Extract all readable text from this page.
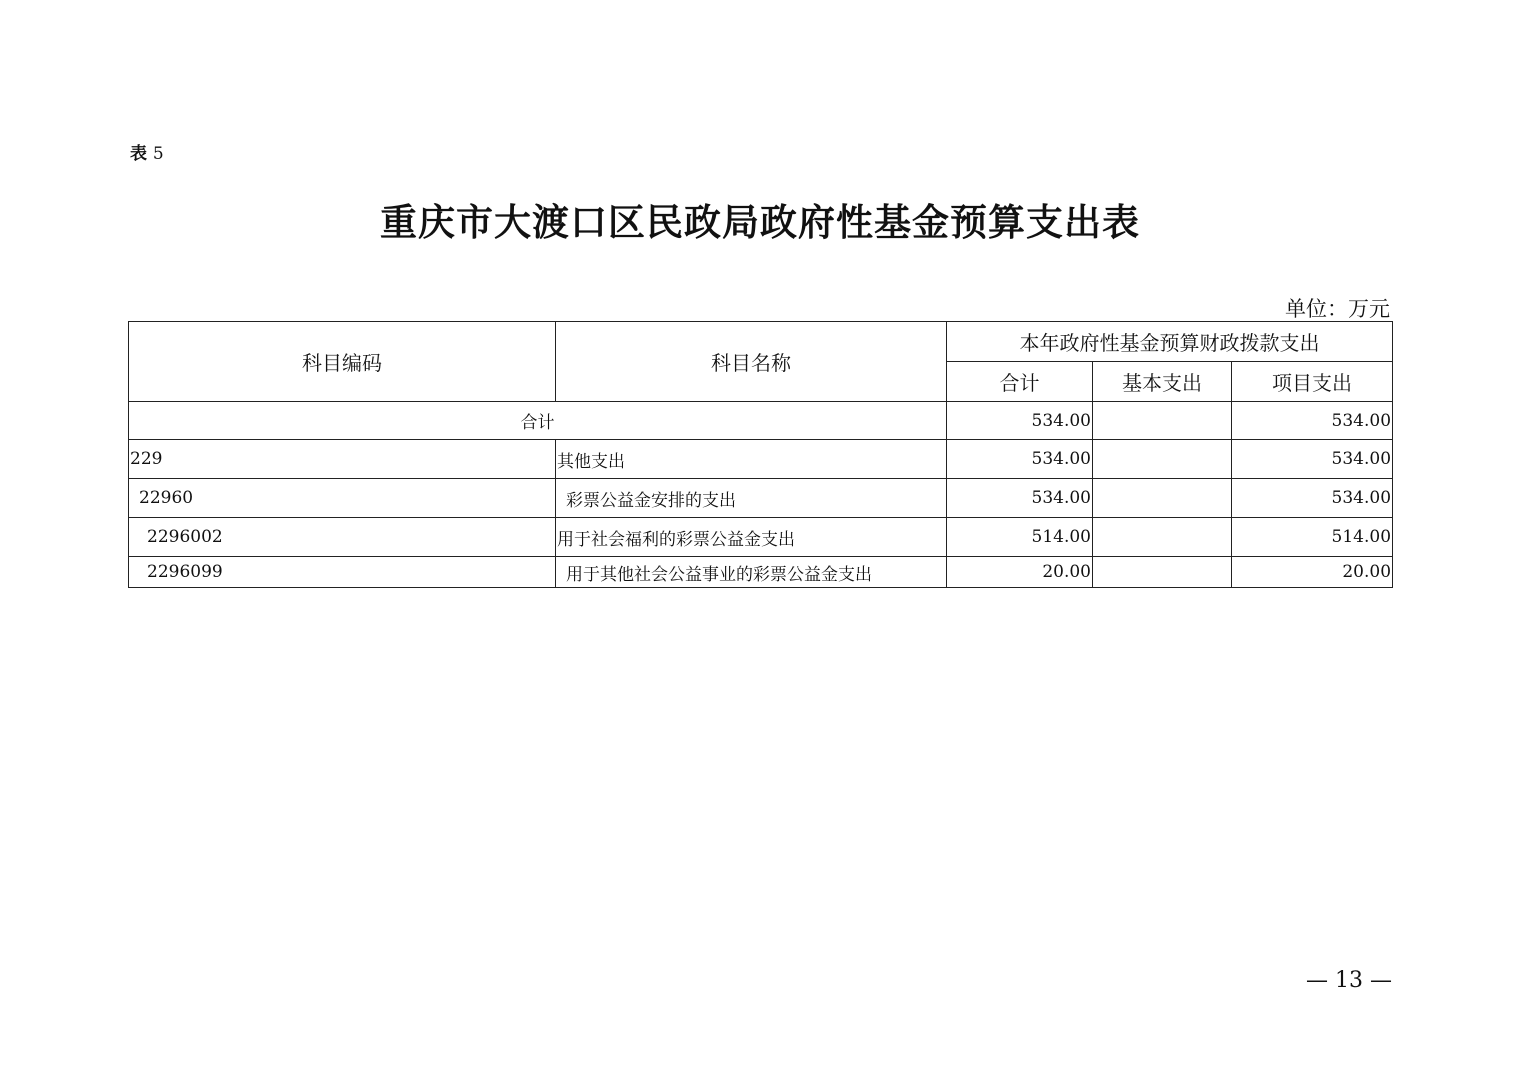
表 5
重庆市大渡口区民政局政府性基金预算支出表
单位：万元
科目编码	科目名称	本年政府性基金预算财政拨款支出		
		合计	基本支出	项目支出
合计		534.00		534.00
229	其他支出	534.00		534.00
22960	彩票公益金安排的支出	534.00		534.00
2296002	用于社会福利的彩票公益金支出	514.00		514.00
2296099	用于其他社会公益事业的彩票公益金支出	20.00		20.00
— 13 —
